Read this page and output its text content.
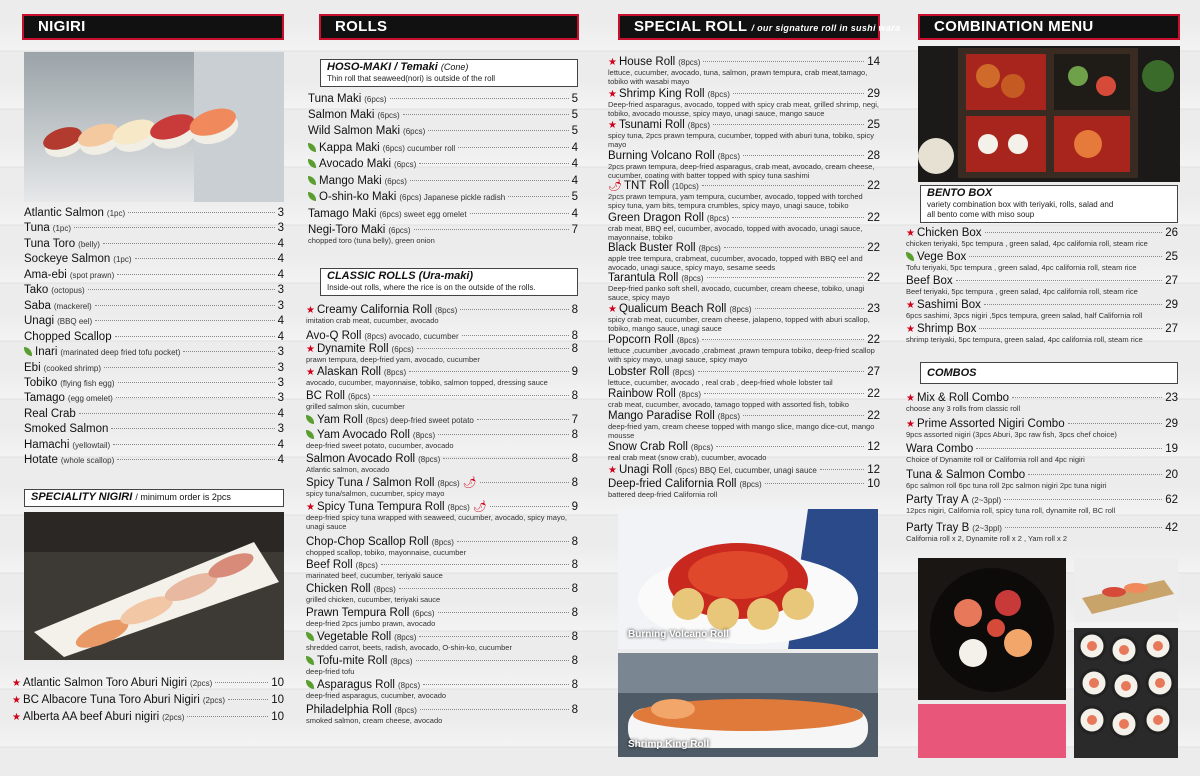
NIGIRI
Atlantic Salmon (1pc)	3
Tuna (1pc)	3
Tuna Toro (belly)	4
Sockeye Salmon (1pc)	4
Ama-ebi (spot prawn)	4
Tako (octopus)	3
Saba (mackerel)	3
Unagi (BBQ eel)	4
Chopped Scallop	4
Inari (marinated deep fried tofu pocket)	3
Ebi (cooked shrimp)	3
Tobiko (flying fish egg)	3
Tamago (egg omelet)	3
Real Crab	4
Smoked Salmon	3
Hamachi (yellowtail)	4
Hotate (whole scallop)	4
SPECIALITY NIGIRI / minimum order is 2pcs
★ Atlantic Salmon Toro Aburi Nigiri (2pcs)	10
★ BC Albacore Tuna Toro Aburi Nigiri (2pcs)	10
★ Alberta AA beef Aburi nigiri (2pcs)	10
ROLLS
HOSO-MAKI / Temaki (Cone)
Thin roll that seaweed(nori) is outside of the roll
Tuna Maki (6pcs)	5
Salmon Maki (6pcs)	5
Wild Salmon Maki (6pcs)	5
Kappa Maki (6pcs) cucumber roll	4
Avocado Maki (6pcs)	4
Mango Maki (6pcs)	4
O-shin-ko Maki (6pcs) Japanese pickle radish	5
Tamago Maki (6pcs) sweet egg omelet	4
Negi-Toro Maki (6pcs)	7
chopped toro (tuna belly), green onion
CLASSIC ROLLS (Ura-maki)
Inside-out rolls, where the rice is on the outside of the rolls.
★ Creamy California Roll (8pcs)	8
imitation crab meat, cucumber, avocado
Avo-Q Roll (8pcs) avocado, cucumber	8
★ Dynamite Roll (6pcs)	8
prawn tempura, deep-fried yam, avocado, cucumber
★ Alaskan Roll (8pcs)	9
avocado, cucumber, mayonnaise, tobiko, salmon topped, dressing sauce
BC Roll (6pcs)	8
grilled salmon skin, cucumber
Yam Roll (8pcs) deep-fried sweet potato	7
Yam Avocado Roll (8pcs)	8
deep-fried sweet potato, cucumber, avocado
Salmon Avocado Roll (8pcs)	8
Atlantic salmon, avocado
Spicy Tuna / Salmon Roll (8pcs) 🌶	8
spicy tuna/salmon, cucumber, spicy mayo
★ Spicy Tuna Tempura Roll (8pcs) 🌶	9
deep-fried spicy tuna wrapped with seaweed, cucumber, avocado, spicy mayo, unagi sauce
Chop-Chop Scallop Roll (8pcs)	8
chopped scallop, tobiko, mayonnaise, cucumber
Beef Roll (8pcs)	8
marinated beef, cucumber, teriyaki sauce
Chicken Roll (8pcs)	8
grilled chicken, cucumber, teriyaki sauce
Prawn Tempura Roll (6pcs)	8
deep-fried 2pcs jumbo prawn, avocado
Vegetable Roll (8pcs)	8
shredded carrot, beets, radish, avocado, O-shin-ko, cucumber
Tofu-mite Roll (8pcs)	8
deep-fried tofu
Asparagus Roll (8pcs)	8
deep-fried asparagus, cucumber, avocado
Philadelphia Roll (8pcs)	8
smoked salmon, cream cheese, avocado
SPECIAL ROLL / our signature roll in sushi wara
★ House Roll (8pcs)	14
lettuce, cucumber, avocado, tuna, salmon, prawn tempura, crab meat,tamago, tobiko with wasabi mayo
★ Shrimp King Roll (8pcs)	29
Deep-fried asparagus, avocado, topped with spicy crab meat, grilled shrimp, negi, tobiko, avocado mousse, spicy mayo, unagi sauce, mango sauce
★ Tsunami Roll (8pcs)	25
spicy tuna, 2pcs prawn tempura, cucumber, topped with aburi tuna, tobiko, spicy mayo
Burning Volcano Roll (8pcs)	28
2pcs prawn tempura, deep-fried asparagus, crab meat, avocado, cream cheese, cucumber, coating with batter topped with spicy tuna sashimi
🌶 TNT Roll (10pcs)	22
2pcs prawn tempura, yam tempura, cucumber, avocado, topped with torched spicy tuna, yam bits, tempura crumbles, spicy mayo, unagi sauce, tobiko
Green Dragon Roll (8pcs)	22
crab meat, BBQ eel, cucumber, avocado, topped with avocado, unagi sauce, mayonnaise, tobiko
Black Buster Roll (8pcs)	22
apple tree tempura, crabmeat, cucumber, avocado, topped with BBQ eel and avocado, unagi sauce, spicy mayo, sesame seeds
Tarantula Roll (8pcs)	22
Deep-fried panko soft shell, avocado, cucumber, cream cheese, tobiko, unagi sauce, spicy mayo
★ Qualicum Beach Roll (8pcs)	23
spicy crab meat, cucumber, cream cheese, jalapeno, topped with aburi scallop, tobiko, mango sauce, unagi sauce
Popcorn Roll (8pcs)	22
lettuce ,cucumber ,avocado ,crabmeat ,prawn tempura tobiko, deep-fried scallop with spicy mayo, unagi sauce, spicy mayo
Lobster Roll (8pcs)	27
lettuce, cucumber, avocado , real crab , deep-fried whole lobster tail
Rainbow Roll (8pcs)	22
crab meat, cucumber, avocado, tamago topped with assorted fish, tobiko
Mango Paradise Roll (8pcs)	22
deep-fried yam, cream cheese topped with mango slice, mango dice-cut, mango mousse
Snow Crab Roll (8pcs)	12
real crab meat (snow crab), cucumber, avocado
★ Unagi Roll (6pcs) BBQ Eel, cucumber, unagi sauce	12
Deep-fried California Roll (8pcs)	10
battered deep-fried California roll
Burning Volcano Roll
Shrimp King Roll
COMBINATION MENU
BENTO BOX
variety combination box with teriyaki, rolls, salad and all bento come with miso soup
★ Chicken Box	26
chicken teriyaki, 5pc tempura , green salad, 4pc california roll, steam rice
Vege Box	25
Tofu teriyaki, 5pc tempura , green salad, 4pc california roll, steam rice
Beef Box	27
Beef teriyaki, 5pc tempura , green salad, 4pc california roll, steam rice
★ Sashimi Box	29
6pcs sashimi, 3pcs nigiri ,5pcs tempura, green salad, half California roll
★ Shrimp Box	27
shrimp teriyaki, 5pc tempura, green salad, 4pc california roll, steam rice
COMBOS
★ Mix & Roll Combo	23
choose any 3 rolls from classic roll
★ Prime Assorted Nigiri Combo	29
9pcs assorted nigiri (3pcs Aburi, 3pc raw fish, 3pcs chef choice)
Wara Combo	19
Choice of Dynamite roll or California roll and 4pc nigiri
Tuna & Salmon Combo	20
6pc salmon roll 6pc tuna roll 2pc salmon nigiri 2pc tuna nigiri
Party Tray A (2~3ppl)	62
12pcs nigiri, California roll, spicy tuna roll, dynamite roll, BC roll
Party Tray B (2~3ppl)	42
California roll x 2, Dynamite roll x 2 , Yam roll x 2
